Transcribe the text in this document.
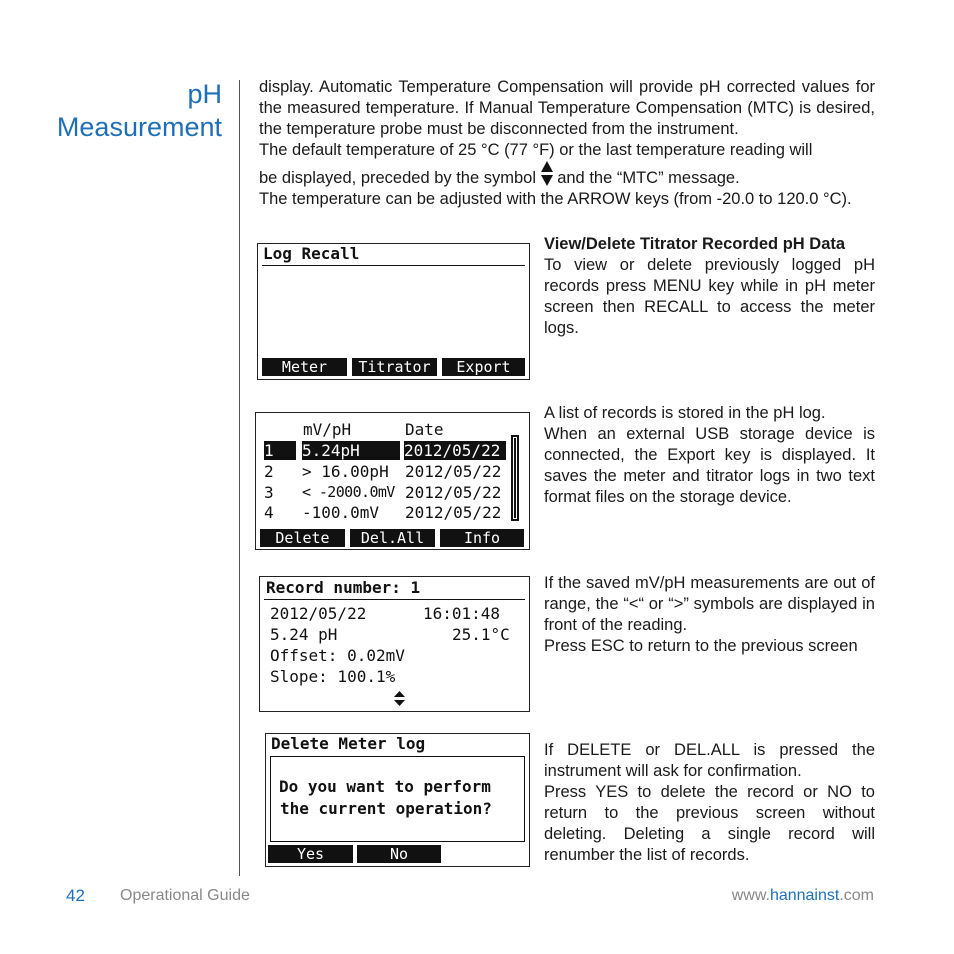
pH
Measurement

display. Automatic Temperature Compensation will provide pH corrected values for the measured temperature. If Manual Temperature Compensation (MTC) is desired, the temperature probe must be disconnected from the instrument.

The default temperature of 25 °C (77 °F) or the last temperature reading will

be displayed, preceded by the symbol and the “MTC” message.

The temperature can be adjusted with the ARROW keys (from -20.0 to 120.0 °C).

Log Recall
Meter	Titrator	Export
mV/pH	Date
1	5.24pH	2012/05/22
2 > 16.00pH 2012/05/22
3 < -2000.0mV 2012/05/22
4 -100.0mV 2012/05/22
Delete	Del.All	Info
Record number: 1
2012/05/22	16:01:48
5.24 pH	25.1°C
Offset: 0.02mV
Slope: 100.1%
Delete Meter log
Do you want to perform
the current operation?
Yes	No

View/Delete Titrator Recorded pH Data

To view or delete previously logged pH records press MENU key while in pH meter screen then RECALL to access the meter logs.

A list of records is stored in the pH log.

When an external USB storage device is connected, the Export key is displayed. It saves the meter and titrator logs in two text format files on the storage device.

If the saved mV/pH measurements are out of range, the “<“ or “>” symbols are displayed in front of the reading.

Press ESC to return to the previous screen

If DELETE or DEL.ALL is pressed the instrument will ask for confirmation.

Press YES to delete the record or NO to return to the previous screen without deleting. Deleting a single record will renumber the list of records.

42 Operational Guide	www.hannainst.com
